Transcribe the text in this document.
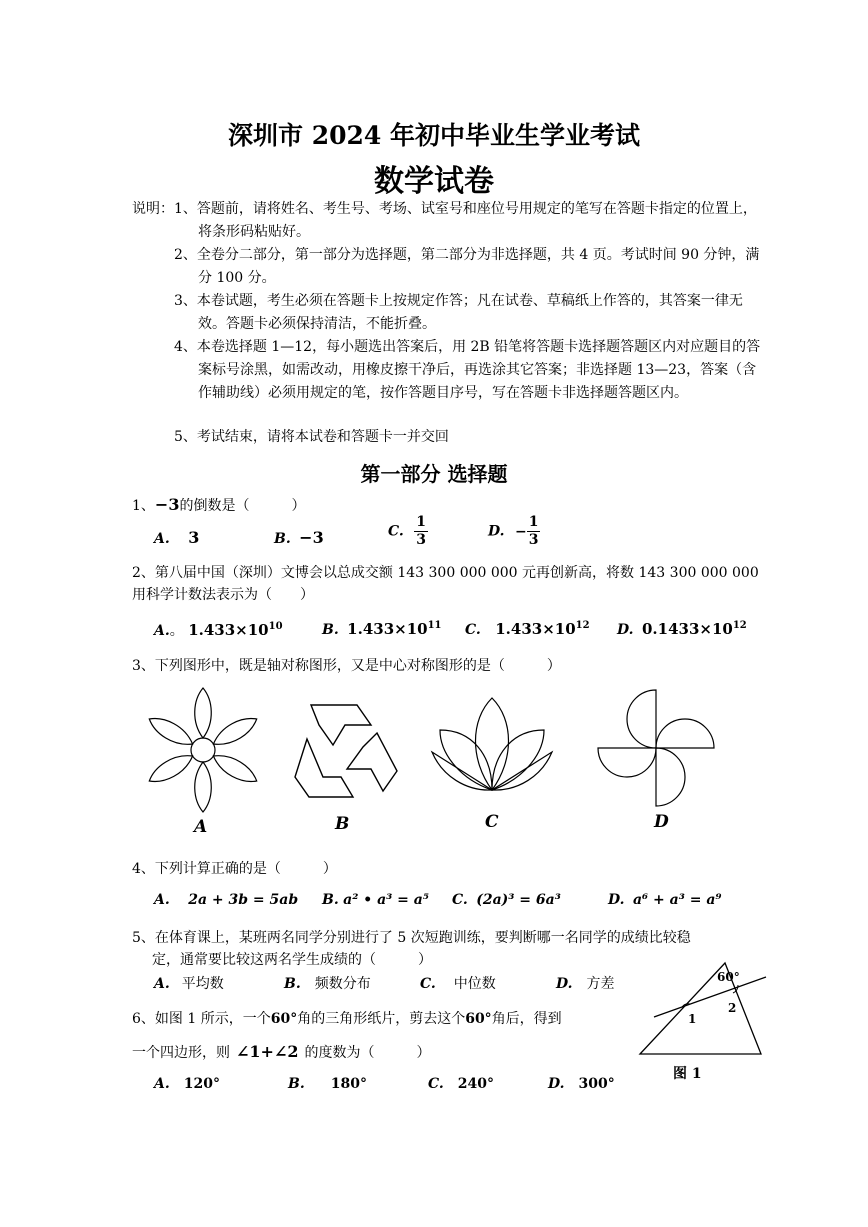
深圳市 2024 年初中毕业生学业考试
数学试卷
说明： 1、答题前，请将姓名、考生号、考场、试室号和座位号用规定的笔写在答题卡指定的位置上，将条形码粘贴好。
2、全卷分二部分，第一部分为选择题，第二部分为非选择题，共 4 页。考试时间 90 分钟，满分 100 分。
3、本卷试题，考生必须在答题卡上按规定作答；凡在试卷、草稿纸上作答的，其答案一律无效。答题卡必须保持清洁，不能折叠。
4、本卷选择题 1—12，每小题选出答案后，用 2B 铅笔将答题卡选择题答题区内对应题目的答案标号涂黑，如需改动，用橡皮擦干净后，再选涂其它答案；非选择题 13—23，答案（含作辅助线）必须用规定的笔，按作答题目序号，写在答题卡非选择题答题区内。
5、考试结束，请将本试卷和答题卡一并交回
第一部分 选择题
1、−3的倒数是（　　　）
A. 3	B. −3	C. $\frac{1}{3}$	D. − $\frac{1}{3}$
2、第八届中国（深圳）文博会以总成交额 143 300 000 000 元再创新高，将数 143 300 000 000
用科学计数法表示为（　　）
A.。 $1.433\times 10^{10}$	B. $1.433\times 10^{11}$ C. $1.433\times 10^{12}$ D. $0.1433\times 10^{12}$
3、下列图形中，既是轴对称图形，又是中心对称图形的是（　　　）
A	B	C	D
4、下列计算正确的是（　　　）
A. 2a + 3b = 5ab B. a² • a³ = a⁵ C. (2a)³ = 6a³	D. a⁶ + a³ = a⁹
5、在体育课上，某班两名同学分别进行了 5 次短跑训练，要判断哪一名同学的成绩比较稳
定，通常要比较这两名学生成绩的（　　　）
A. 平均数	B. 频数分布	C. 中位数	D. 方差
6、如图 1 所示，一个60°角的三角形纸片，剪去这个60°角后，得到
一个四边形，则 ∠1+∠2 的度数为（　　　）
A. 120°	B. 180°	C. 240°	D. 300°
60°
1
2
图 1
